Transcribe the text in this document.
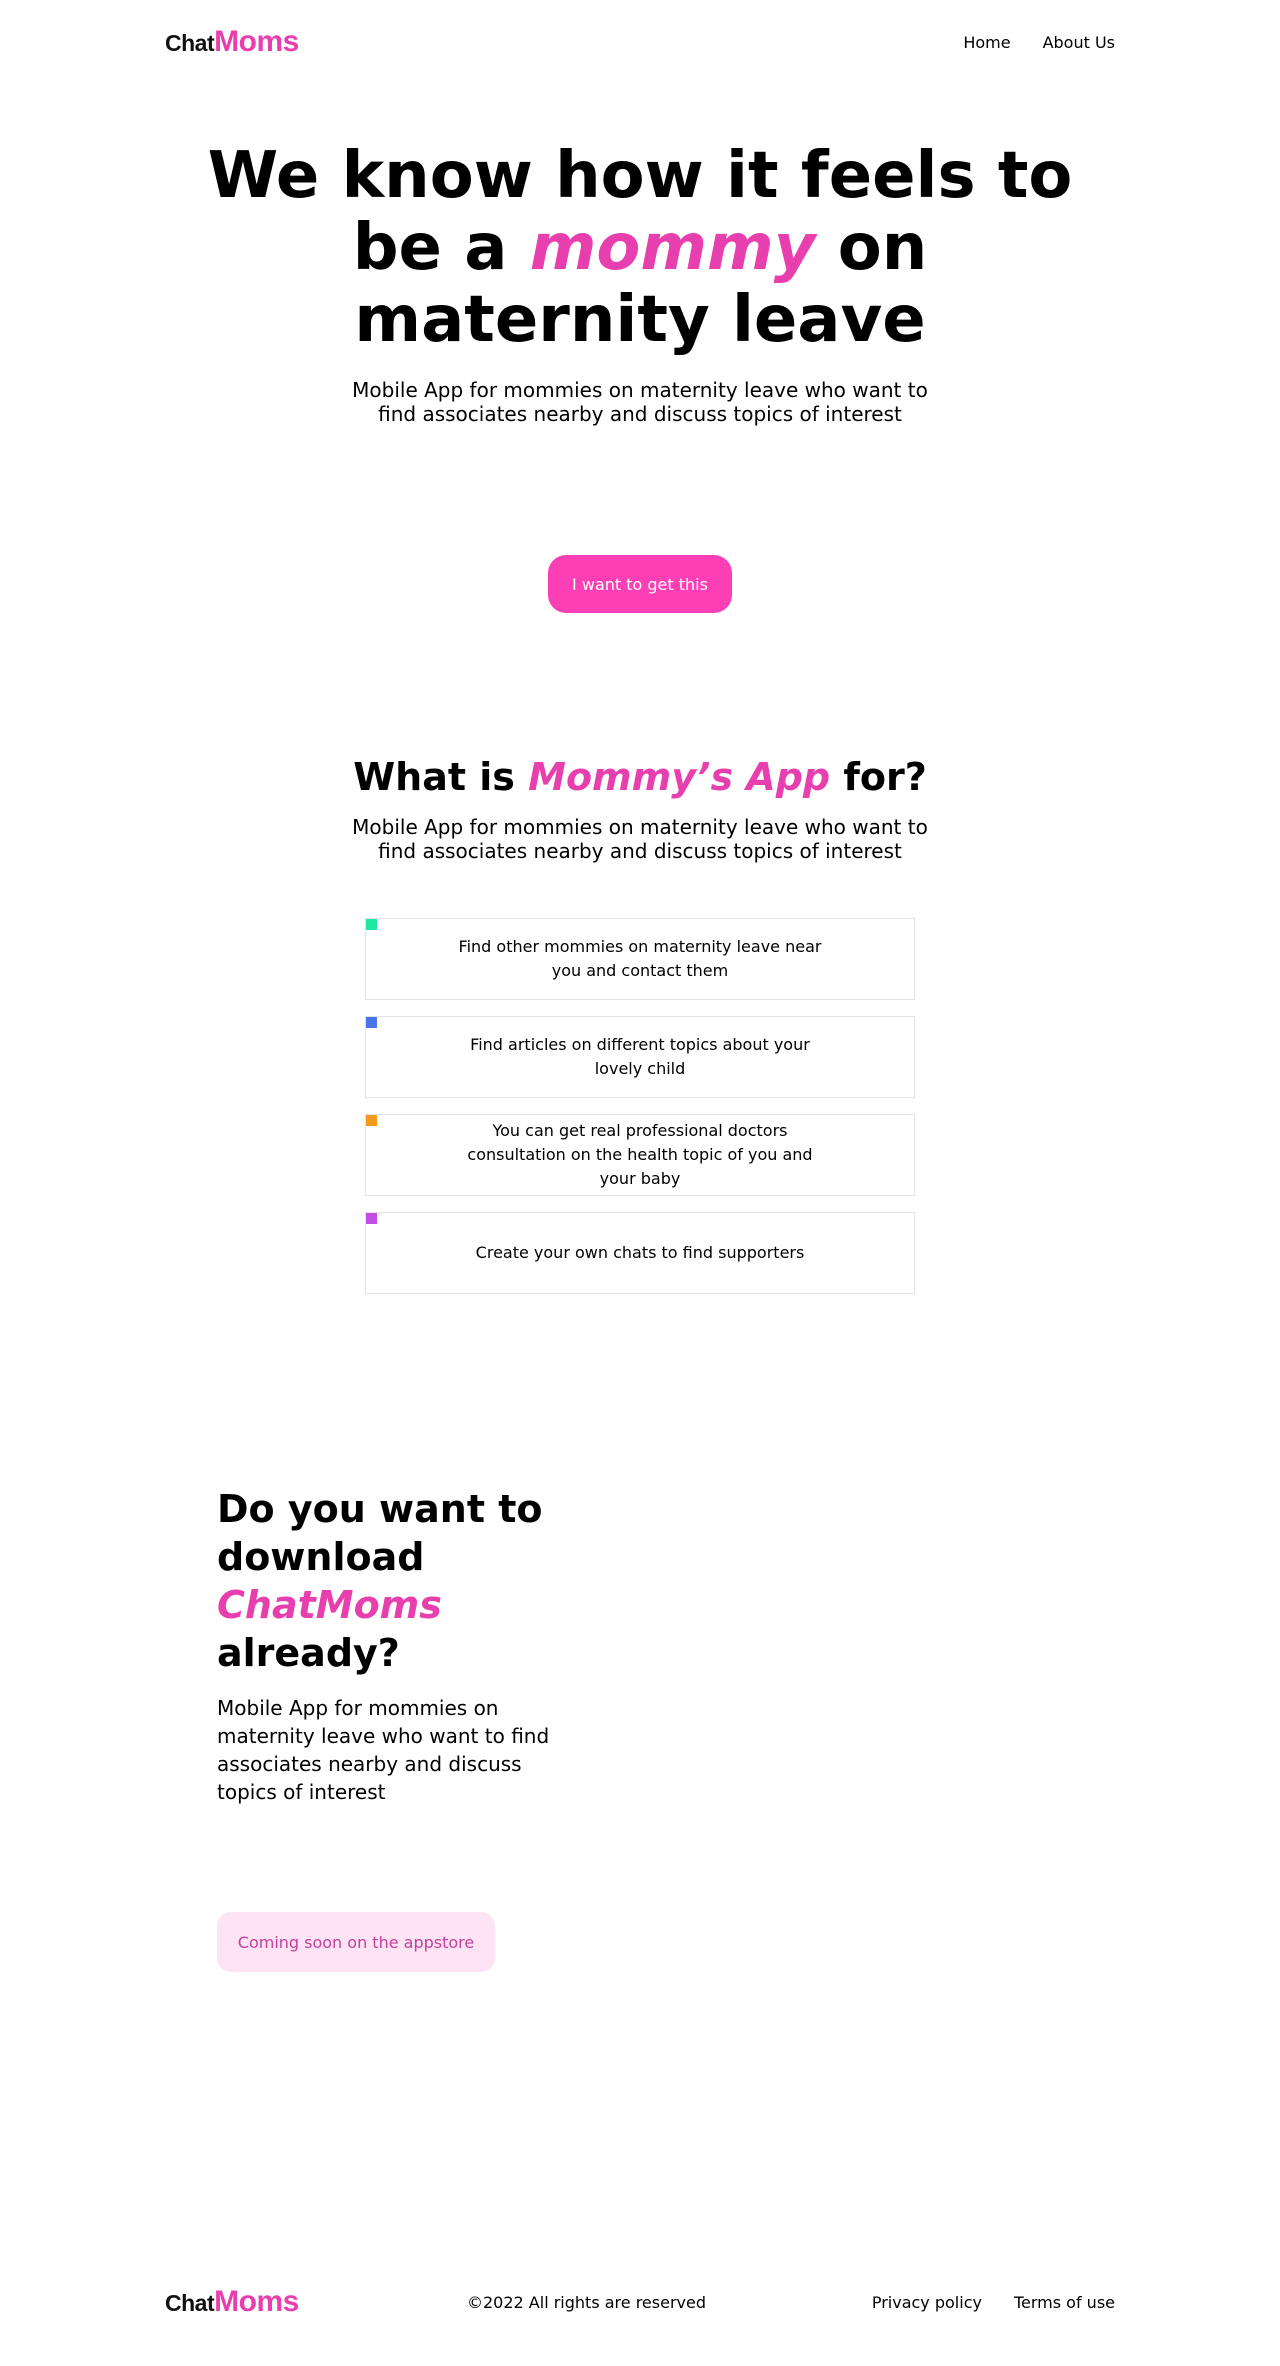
Chat Moms	Home About Us
We know how it feels to
be a mommy on
maternity leave

Mobile App for mommies on maternity leave who want to find associates nearby and discuss topics of interest

I want to get this
What is Mommy’s App for?

Mobile App for mommies on maternity leave who want to find associates nearby and discuss topics of interest

Find other mommies on maternity leave near you and contact them
Find articles on different topics about your lovely child
You can get real professional doctors consultation on the health topic of you and your baby
Create your own chats to find supporters
Do you want to
download
ChatMoms
already?

Mobile App for mommies on maternity leave who want to find associates nearby and discuss topics of interest

Coming soon on the appstore
Chat Moms	©2022 All rights are reserved	Privacy policy Terms of use
